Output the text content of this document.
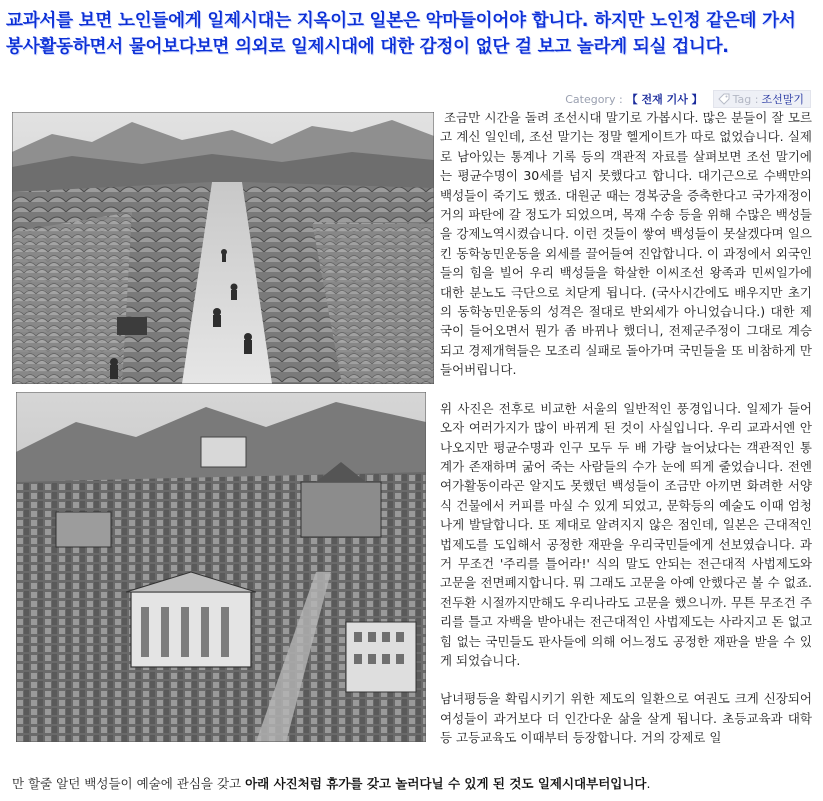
교과서를 보면 노인들에게 일제시대는 지옥이고 일본은 악마들이어야 합니다. 하지만 노인정 같은데 가서 봉사활동하면서 물어보다보면 의외로 일제시대에 대한 감정이 없단 걸 보고 놀라게 되실 겁니다.
Category : 【 전재 기사 】	Tag : 조선말기

조금만 시간을 돌려 조선시대 말기로 가봅시다. 많은 분들이 잘 모르고 계신 일인데, 조선 말기는 정말 헬게이트가 따로 없었습니다. 실제로 남아있는 통계나 기록 등의 객관적 자료를 살펴보면 조선 말기에는 평균수명이 30세를 넘지 못했다고 합니다. 대기근으로 수백만의 백성들이 죽기도 했죠. 대원군 때는 경복궁을 증축한다고 국가재정이 거의 파탄에 갈 정도가 되었으며, 목재 수송 등을 위해 수많은 백성들을 강제노역시켰습니다. 이런 것들이 쌓여 백성들이 못살겠다며 일으킨 동학농민운동을 외세를 끌어들여 진압합니다. 이 과정에서 외국인들의 힘을 빌어 우리 백성들을 학살한 이씨조선 왕족과 민씨일가에 대한 분노도 극단으로 치닫게 됩니다. (국사시간에도 배우지만 초기의 동학농민운동의 성격은 절대로 반외세가 아니었습니다.) 대한 제국이 들어오면서 뭔가 좀 바뀌나 했더니, 전제군주정이 그대로 계승되고 경제개혁들은 모조리 실패로 돌아가며 국민들을 또 비참하게 만들어버립니다.

위 사진은 전후로 비교한 서울의 일반적인 풍경입니다. 일제가 들어오자 여러가지가 많이 바뀌게 된 것이 사실입니다. 우리 교과서엔 안나오지만 평균수명과 인구 모두 두 배 가량 늘어났다는 객관적인 통계가 존재하며 굶어 죽는 사람들의 수가 눈에 띄게 줄었습니다. 전엔 여가활동이라곤 알지도 못했던 백성들이 조금만 아끼면 화려한 서양식 건물에서 커피를 마실 수 있게 되었고, 문학등의 예술도 이때 엄청나게 발달합니다. 또 제대로 알려지지 않은 점인데, 일본은 근대적인 법제도를 도입해서 공정한 재판을 우리국민들에게 선보였습니다. 과거 무조건 '주리를 틀어라!' 식의 말도 안되는 전근대적 사법제도와 고문을 전면폐지합니다. 뭐 그래도 고문을 아예 안했다곤 볼 수 없죠. 전두환 시절까지만해도 우리나라도 고문을 했으니까. 무튼 무조건 주리를 틀고 자백을 받아내는 전근대적인 사법제도는 사라지고 돈 없고 힘 없는 국민들도 판사들에 의해 어느정도 공정한 재판을 받을 수 있게 되었습니다.

남녀평등을 확립시키기 위한 제도의 일환으로 여권도 크게 신장되어 여성들이 과거보다 더 인간다운 삶을 살게 됩니다. 초등교육과 대학 등 고등교육도 이때부터 등장합니다. 거의 강제로 일

만 할줄 알던 백성들이 예술에 관심을 갖고 아래 사진처럼 휴가를 갖고 놀러다닐 수 있게 된 것도 일제시대부터입니다.
